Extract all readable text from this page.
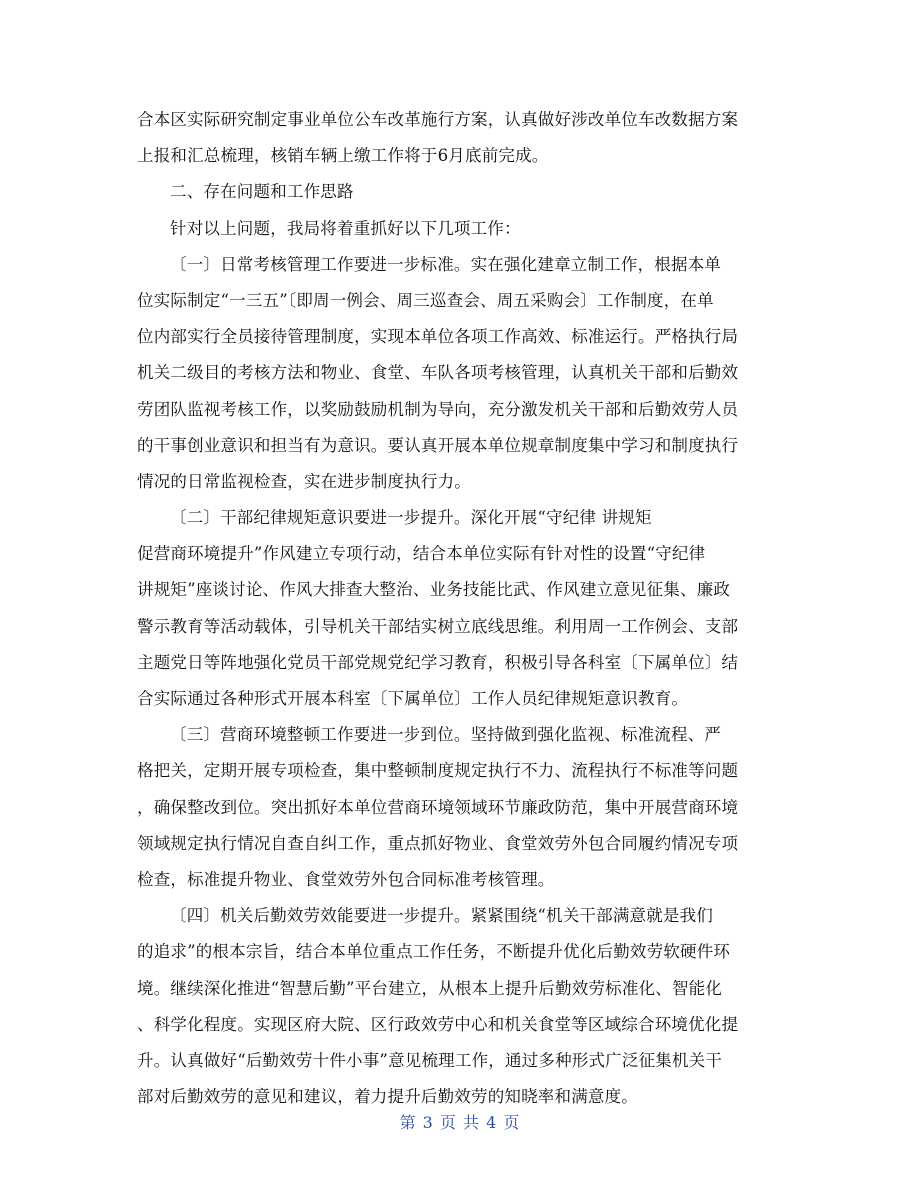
合本区实际研究制定事业单位公车改革施行方案，认真做好涉改单位车改数据方案
上报和汇总梳理，核销车辆上缴工作将于6月底前完成。
二、存在问题和工作思路
针对以上问题，我局将着重抓好以下几项工作：
〔一〕日常考核管理工作要进一步标准。实在强化建章立制工作，根据本单
位实际制定“一三五”〔即周一例会、周三巡查会、周五采购会〕工作制度，在单
位内部实行全员接待管理制度，实现本单位各项工作高效、标准运行。严格执行局
机关二级目的考核方法和物业、食堂、车队各项考核管理，认真机关干部和后勤效
劳团队监视考核工作，以奖励鼓励机制为导向，充分激发机关干部和后勤效劳人员
的干事创业意识和担当有为意识。要认真开展本单位规章制度集中学习和制度执行
情况的日常监视检查，实在进步制度执行力。
〔二〕干部纪律规矩意识要进一步提升。深化开展“守纪律 讲规矩
促营商环境提升”作风建立专项行动，结合本单位实际有针对性的设置“守纪律
讲规矩”座谈讨论、作风大排查大整治、业务技能比武、作风建立意见征集、廉政
警示教育等活动载体，引导机关干部结实树立底线思维。利用周一工作例会、支部
主题党日等阵地强化党员干部党规党纪学习教育，积极引导各科室〔下属单位〕结
合实际通过各种形式开展本科室〔下属单位〕工作人员纪律规矩意识教育。
〔三〕营商环境整顿工作要进一步到位。坚持做到强化监视、标准流程、严
格把关，定期开展专项检查，集中整顿制度规定执行不力、流程执行不标准等问题
，确保整改到位。突出抓好本单位营商环境领域环节廉政防范，集中开展营商环境
领域规定执行情况自查自纠工作，重点抓好物业、食堂效劳外包合同履约情况专项
检查，标准提升物业、食堂效劳外包合同标准考核管理。
〔四〕机关后勤效劳效能要进一步提升。紧紧围绕“机关干部满意就是我们
的追求”的根本宗旨，结合本单位重点工作任务，不断提升优化后勤效劳软硬件环
境。继续深化推进“智慧后勤”平台建立，从根本上提升后勤效劳标准化、智能化
、科学化程度。实现区府大院、区行政效劳中心和机关食堂等区域综合环境优化提
升。认真做好“后勤效劳十件小事”意见梳理工作，通过多种形式广泛征集机关干
部对后勤效劳的意见和建议，着力提升后勤效劳的知晓率和满意度。
第 3 页 共 4 页
